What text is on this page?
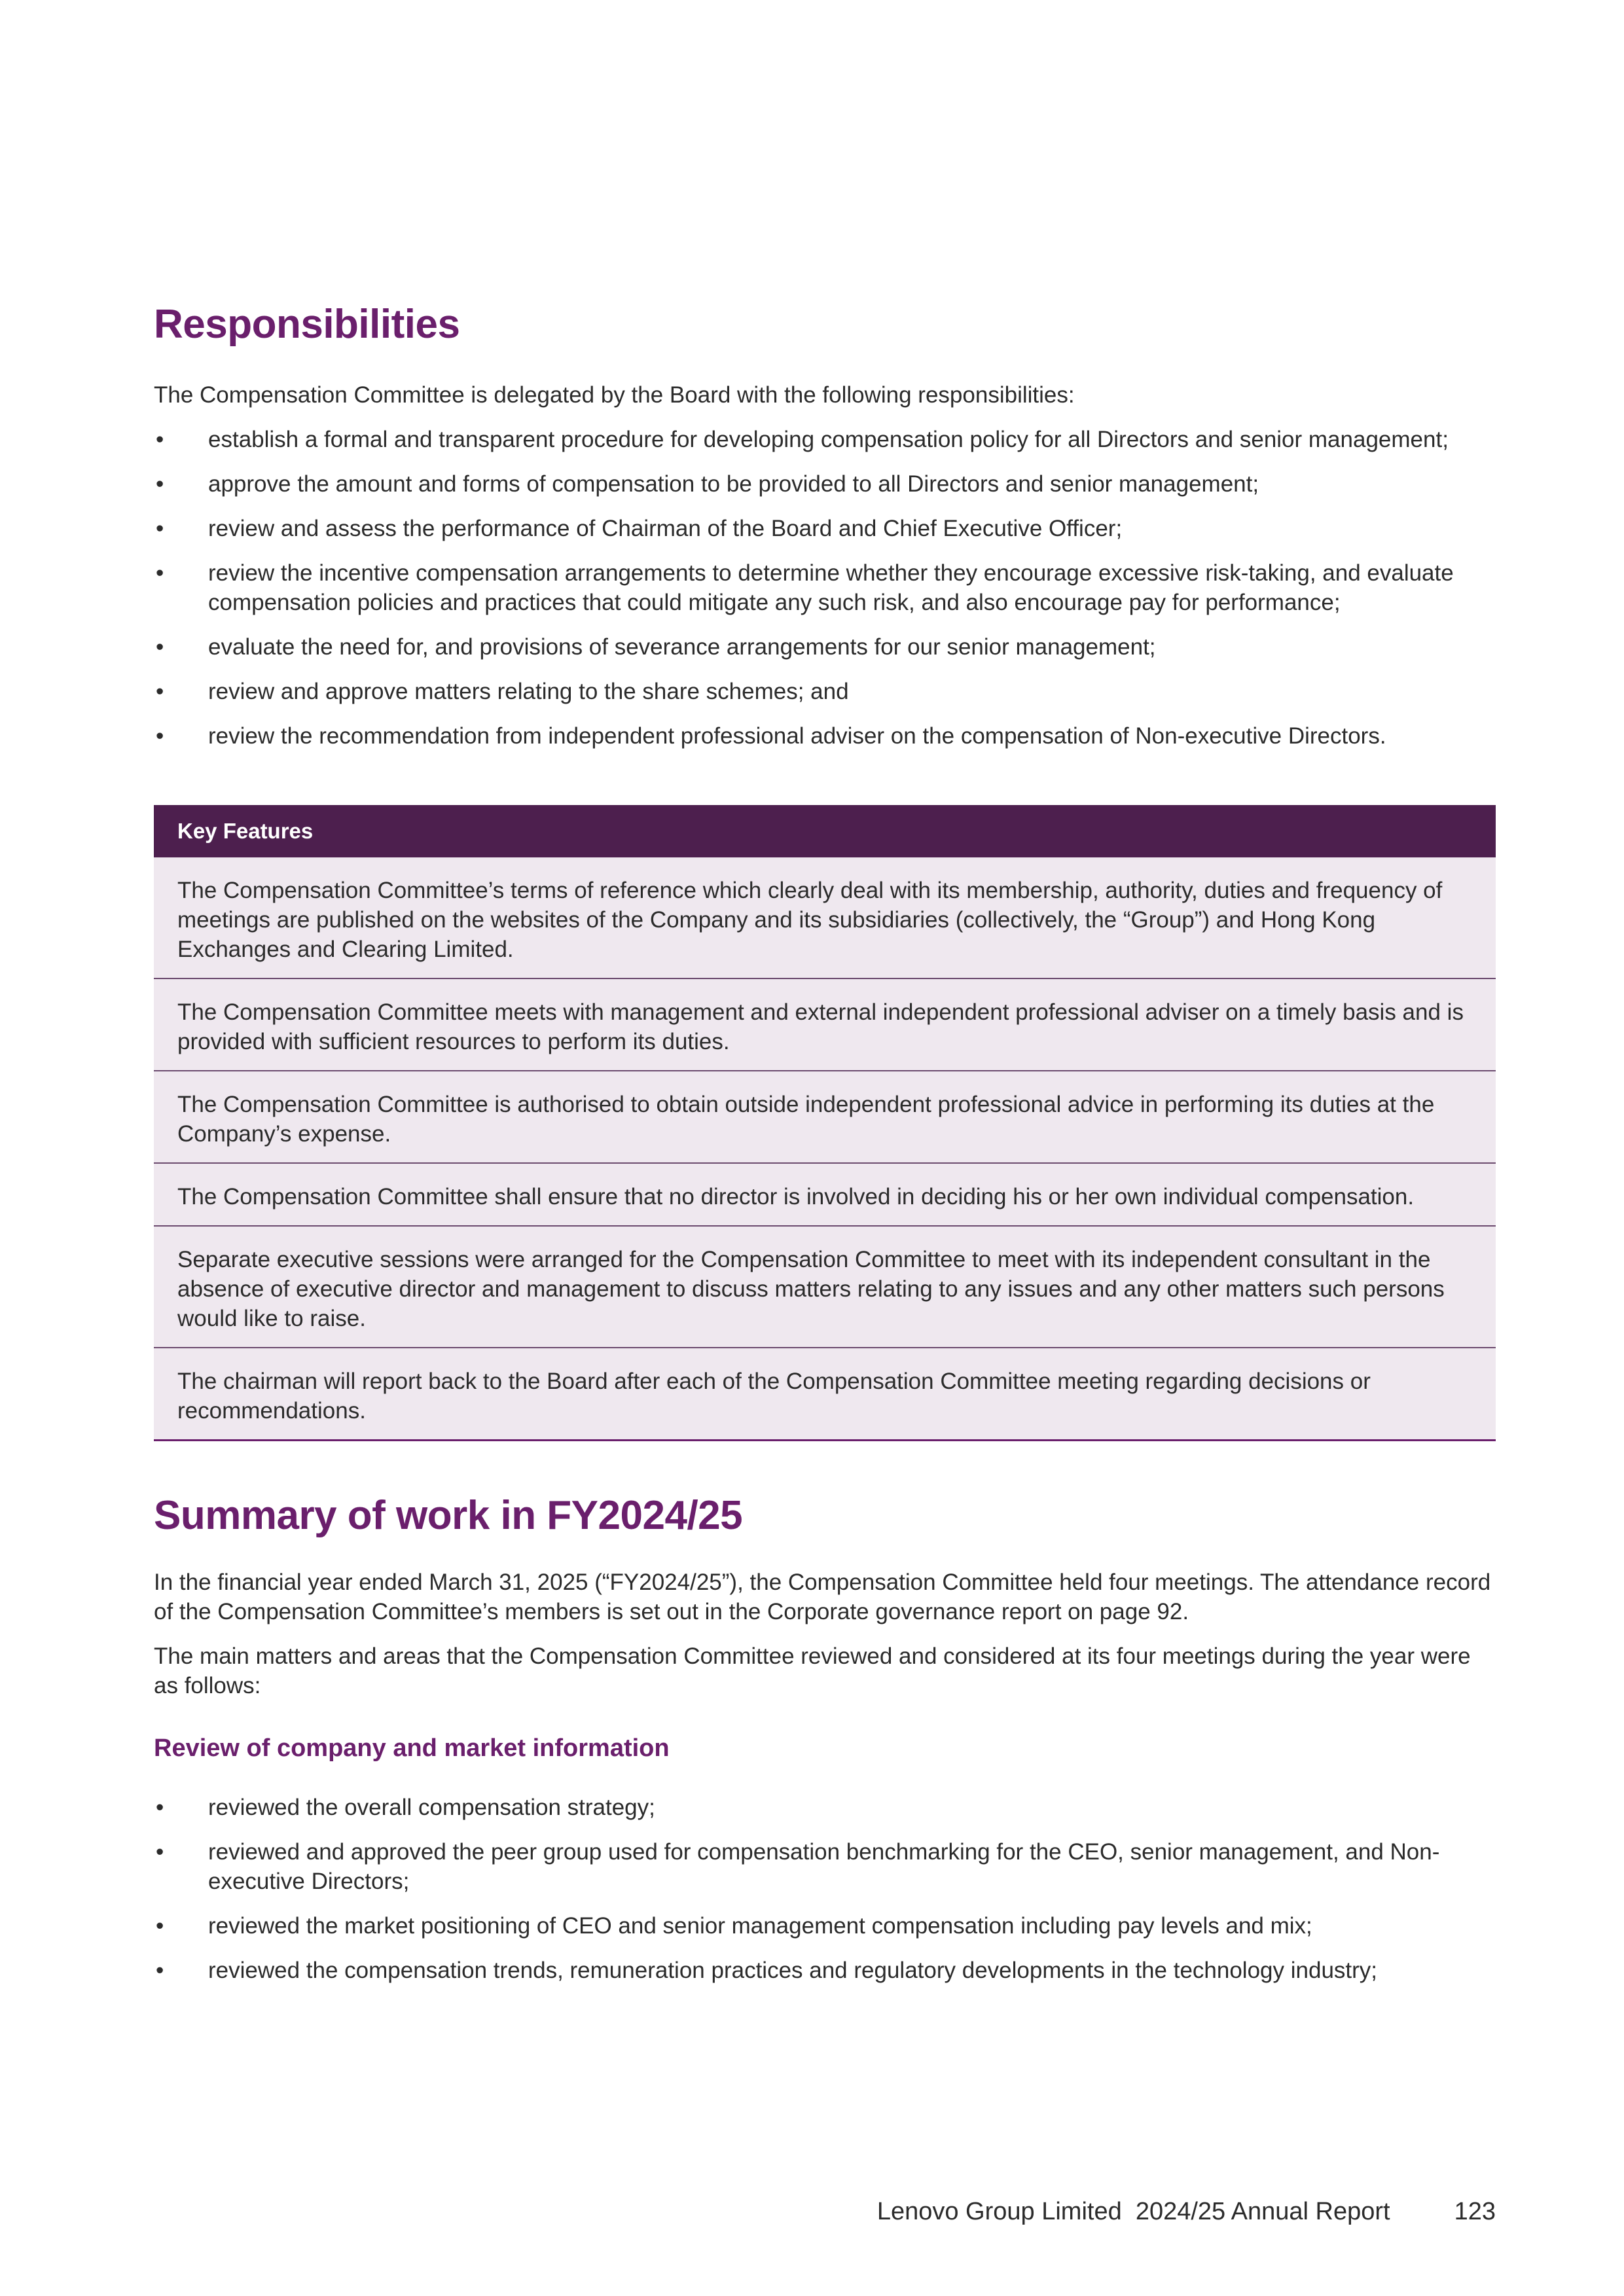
Responsibilities

The Compensation Committee is delegated by the Board with the following responsibilities:

• establish a formal and transparent procedure for developing compensation policy for all Directors and senior management;
• approve the amount and forms of compensation to be provided to all Directors and senior management;
• review and assess the performance of Chairman of the Board and Chief Executive Officer;
• review the incentive compensation arrangements to determine whether they encourage excessive risk-taking, and evaluate compensation policies and practices that could mitigate any such risk, and also encourage pay for performance;
• evaluate the need for, and provisions of severance arrangements for our senior management;
• review and approve matters relating to the share schemes; and
• review the recommendation from independent professional adviser on the compensation of Non-executive Directors.
Key Features
The Compensation Committee’s terms of reference which clearly deal with its membership, authority, duties and frequency of meetings are published on the websites of the Company and its subsidiaries (collectively, the “Group”) and Hong Kong Exchanges and Clearing Limited.
The Compensation Committee meets with management and external independent professional adviser on a timely basis and is provided with sufficient resources to perform its duties.
The Compensation Committee is authorised to obtain outside independent professional advice in performing its duties at the Company’s expense.
The Compensation Committee shall ensure that no director is involved in deciding his or her own individual compensation.
Separate executive sessions were arranged for the Compensation Committee to meet with its independent consultant in the absence of executive director and management to discuss matters relating to any issues and any other matters such persons would like to raise.
The chairman will report back to the Board after each of the Compensation Committee meeting regarding decisions or recommendations.
Summary of work in FY2024/25

In the financial year ended March 31, 2025 (“FY2024/25”), the Compensation Committee held four meetings. The attendance record of the Compensation Committee’s members is set out in the Corporate governance report on page 92.

The main matters and areas that the Compensation Committee reviewed and considered at its four meetings during the year were as follows:

Review of company and market information
• reviewed the overall compensation strategy;
• reviewed and approved the peer group used for compensation benchmarking for the CEO, senior management, and Non-executive Directors;
• reviewed the market positioning of CEO and senior management compensation including pay levels and mix;
• reviewed the compensation trends, remuneration practices and regulatory developments in the technology industry;
Lenovo Group Limited  2024/25 Annual Report	123
